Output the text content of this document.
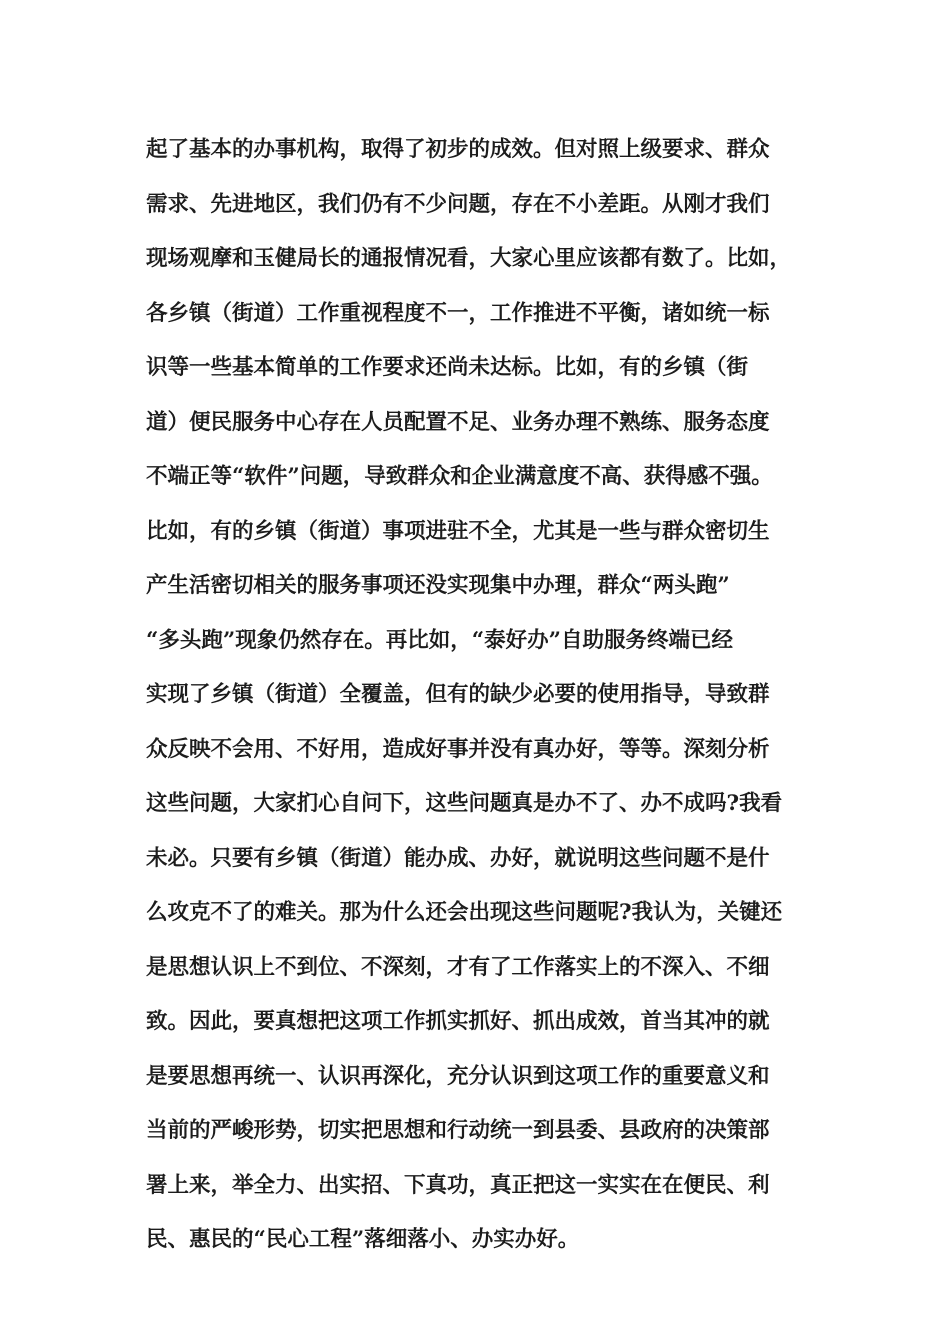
起了基本的办事机构，取得了初步的成效。但对照上级要求、群众
需求、先进地区，我们仍有不少问题，存在不小差距。从刚才我们
现场观摩和玉健局长的通报情况看，大家心里应该都有数了。比如，
各乡镇（街道）工作重视程度不一，工作推进不平衡，诸如统一标
识等一些基本简单的工作要求还尚未达标。比如，有的乡镇（街
道）便民服务中心存在人员配置不足、业务办理不熟练、服务态度
不端正等“软件”问题，导致群众和企业满意度不高、获得感不强。
比如，有的乡镇（街道）事项进驻不全，尤其是一些与群众密切生
产生活密切相关的服务事项还没实现集中办理，群众“两头跑”
“多头跑”现象仍然存在。再比如，“泰好办”自助服务终端已经
实现了乡镇（街道）全覆盖，但有的缺少必要的使用指导，导致群
众反映不会用、不好用，造成好事并没有真办好，等等。深刻分析
这些问题，大家扪心自问下，这些问题真是办不了、办不成吗?我看
未必。只要有乡镇（街道）能办成、办好，就说明这些问题不是什
么攻克不了的难关。那为什么还会出现这些问题呢?我认为，关键还
是思想认识上不到位、不深刻，才有了工作落实上的不深入、不细
致。因此，要真想把这项工作抓实抓好、抓出成效，首当其冲的就
是要思想再统一、认识再深化，充分认识到这项工作的重要意义和
当前的严峻形势，切实把思想和行动统一到县委、县政府的决策部
署上来，举全力、出实招、下真功，真正把这一实实在在便民、利
民、惠民的“民心工程”落细落小、办实办好。
